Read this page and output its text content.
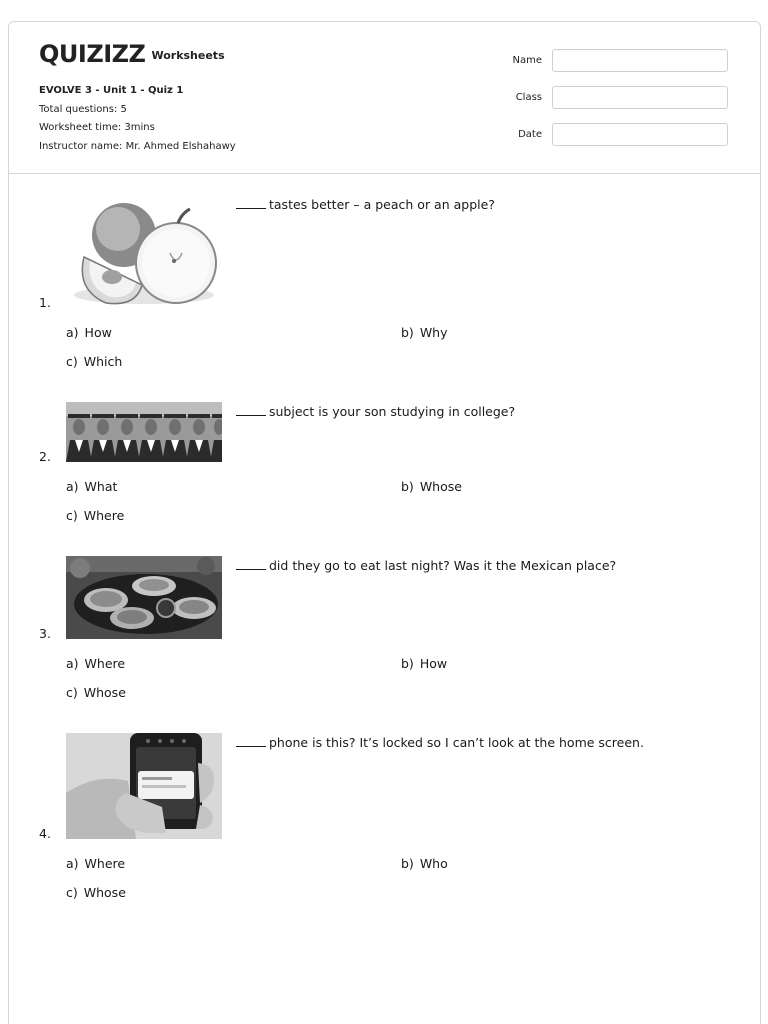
QUIZIZZ Worksheets
EVOLVE 3 - Unit 1 - Quiz 1
Total questions: 5
Worksheet time: 3mins
Instructor name: Mr. Ahmed Elshahawy
Name
Class
Date
1.
tastes better – a peach or an apple?
a) How	b) Why
c) Which
2.
subject is your son studying in college?
a) What	b) Whose
c) Where
3.
did they go to eat last night? Was it the Mexican place?
a) Where	b) How
c) Whose
4.
phone is this? It’s locked so I can’t look at the home screen.
a) Where	b) Who
c) Whose
